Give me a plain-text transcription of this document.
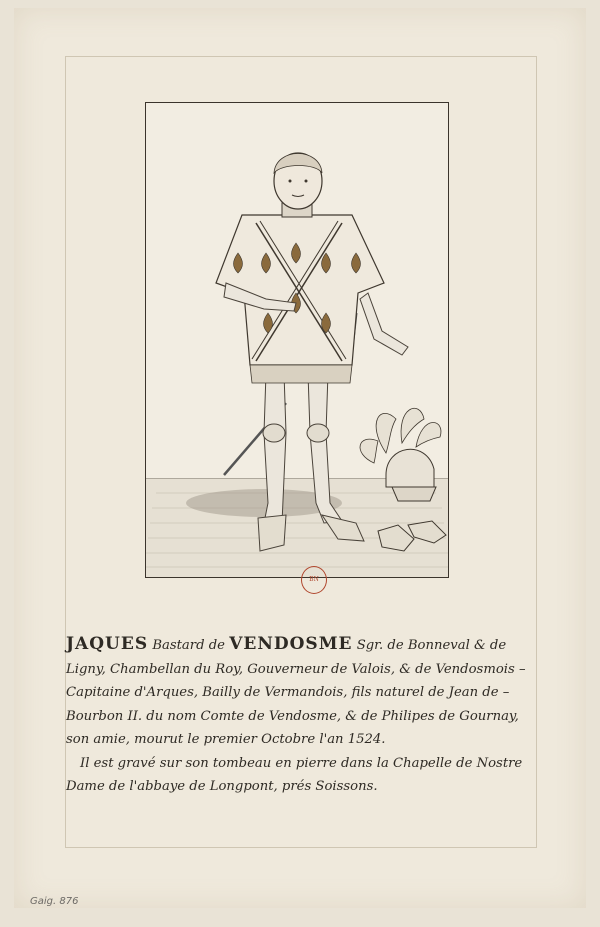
BN
JAQUES Bastard de VENDOSME Sgr. de Bonneval & de
Ligny, Chambellan du Roy, Gouverneur de Valois, & de Vendosmois –
Capitaine d'Arques, Bailly de Vermandois, fils naturel de Jean de –
Bourbon II. du nom Comte de Vendosme, & de Philipes de Gournay,
son amie, mourut le premier Octobre l'an 1524.
Il est gravé sur son tombeau en pierre dans la Chapelle de Nostre
Dame de l'abbaye de Longpont, prés Soissons.
Gaig. 876
